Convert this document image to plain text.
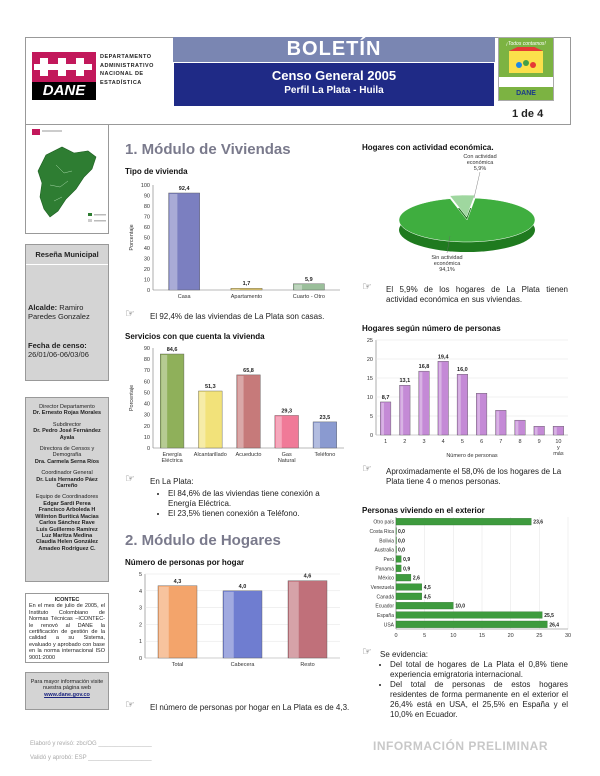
DANE
DEPARTAMENTO
ADMINISTRATIVO
NACIONAL DE
ESTADÍSTICA
BOLETÍN
Censo General 2005
Perfil La Plata - Huila
¡Todos contamos!
DANE
1 de 4
Reseña Municipal
Alcalde: Ramiro Paredes Gonzalez
Fecha de censo:
26/01/06-06/03/06
Director Departamento
Dr. Ernesto Rojas Morales
Subdirector
Dr. Pedro José Fernández Ayala
Directora de Censos y Demografía
Dra. Carmela Serna Ríos
Coordinador General
Dr. Luis Hernando Páez Carreño
Equipo de Coordinadores
Edgar Sardi Perea
Francisco Arboleda H
Wilinton Buriticá Macias
Carlos Sánchez Rave
Luis Guillermo Ramírez
Luz Maritza Medina
Claudia Helen González
Amadeo Rodríguez C.
ICONTEC
En el mes de julio de 2005, el Instituto Colombiano de Normas Técnicas –ICONTEC- le renovó al DANE la certificación de gestión de la calidad a su Sistema, evaluado y aprobado con base en la norma internacional ISO 9001:2000
Para mayor información visite nuestra página web
www.dane.gov.co
1. Módulo de Viviendas
Tipo de vivienda
0
10
20
30
40
50
60
70
80
90
100	92,4
Casa
1,7
Apartamento
5,9
Cuarto - Otro
Porcentaje
☞ El 92,4% de las viviendas de La Plata son casas.
Servicios con que cuenta la vivienda
0
10
20
30
40
50
60
70
80
90	84,6
Energía
Eléctrica
51,3
Alcantarillado
65,8
Acueducto
29,3
Gas
Natural
23,5
Teléfono
Porcentaje
☞ En La Plata:
• El 84,6% de las viviendas tiene conexión a Energía Eléctrica.
• El 23,5% tienen conexión a Teléfono.
2. Módulo de Hogares
Número de personas por hogar
0
1
2
3
4
5
4,3
Total
4,0
Cabecera
4,6
Resto
☞ El número de personas por hogar en La Plata es de 4,3.
Hogares con actividad económica.
Con actividad
económica
5,9%
Sin actividad
económica
94,1%
☞ El 5,9% de los hogares de La Plata tienen actividad económica en sus viviendas.
Hogares según número de personas
0
5
10
15
20
25
8,7
1
13,1
2
16,8
3
19,4
4
16,0
5	6	7	8	9	10
y
más
Número de personas
☞ Aproximadamente el 58,0% de los hogares de La Plata tiene 4 o menos personas.
Personas viviendo en el exterior
0	5	10	15	20	25	30
Otro país	23,6
Costa Rica 0,0
Bolivia 0,0
Australia 0,0
Perú 0,9
Panamá 0,9
México	2,6
Venezuela	4,5
Canadá	4,5
Ecuador	10,0
España	25,5
USA	26,4
☞ Se evidencia:
• Del total de hogares de La Plata el 0,8% tiene experiencia emigratoria internacional.
• Del total de personas de estos hogares residentes de forma permanente en el exterior el 26,4% está en USA, el 25,5% en España y el 10,0% en Ecuador.
Elaboró y revisó: zbc/OG ________________
Validó y aprobó: ESP ___________________
INFORMACIÓN PRELIMINAR
